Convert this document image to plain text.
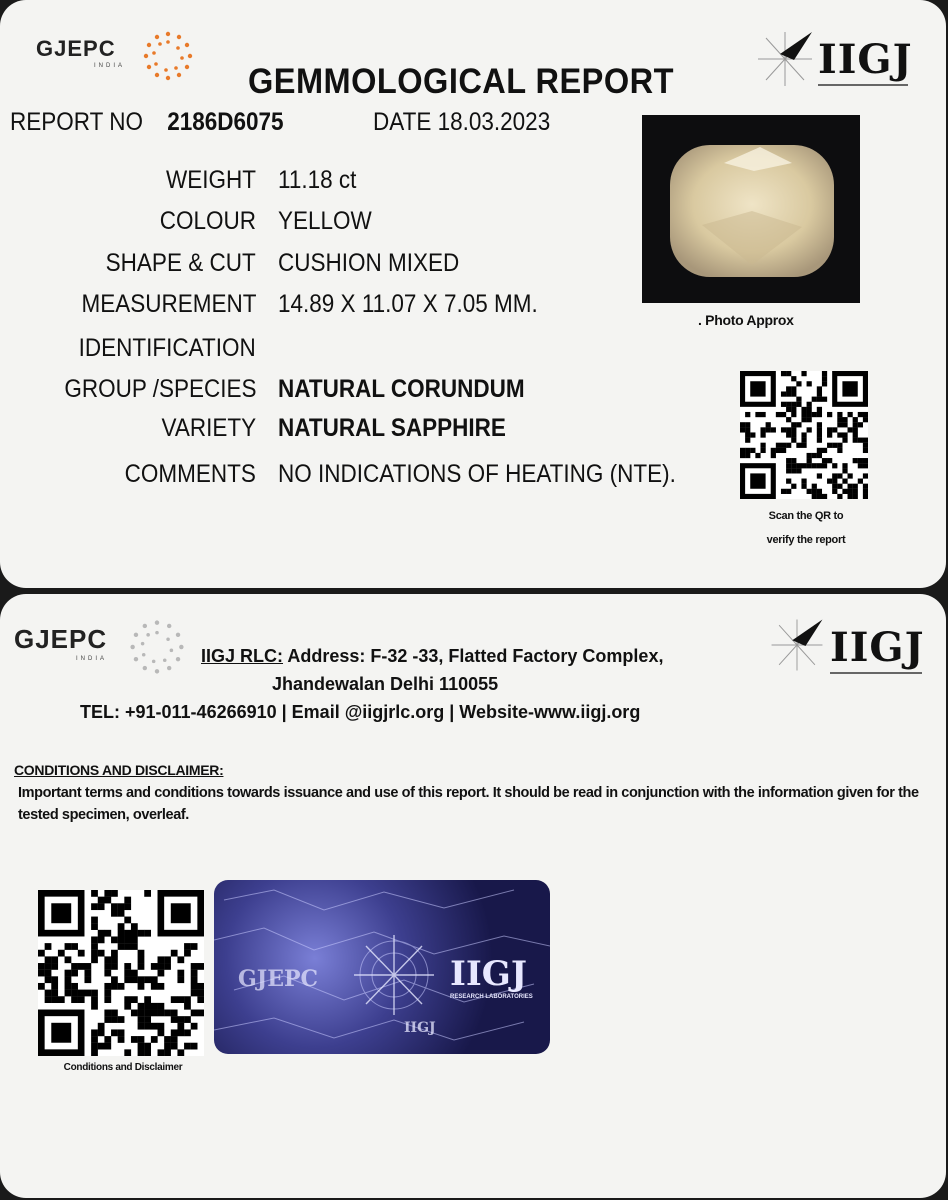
GJEPC
INDIA	IIGJ
GEMMOLOGICAL REPORT
REPORT NO 2186D6075	DATE 18.03.2023
WEIGHT 11.18 ct
COLOUR YELLOW
SHAPE & CUT CUSHION MIXED
MEASUREMENT 14.89 X 11.07 X 7.05 MM.
IDENTIFICATION
GROUP /SPECIES NATURAL CORUNDUM
VARIETY NATURAL SAPPHIRE
COMMENTS NO INDICATIONS OF HEATING (NTE).
. Photo Approx
Scan the QR to
verify the report
GJEPC
INDIA	IIGJ
IIGJ RLC: Address: F-32 -33, Flatted Factory Complex,
Jhandewalan Delhi 110055
TEL: +91-011-46266910 | Email @iigjrlc.org | Website-www.iigj.org
CONDITIONS AND DISCLAIMER:
Important terms and conditions towards issuance and use of this report. It should be read in conjunction with the information given for the tested specimen, overleaf.
Conditions and Disclaimer
GJEPC	IIGJ
RESEARCH LABORATORIES
IIGJ
